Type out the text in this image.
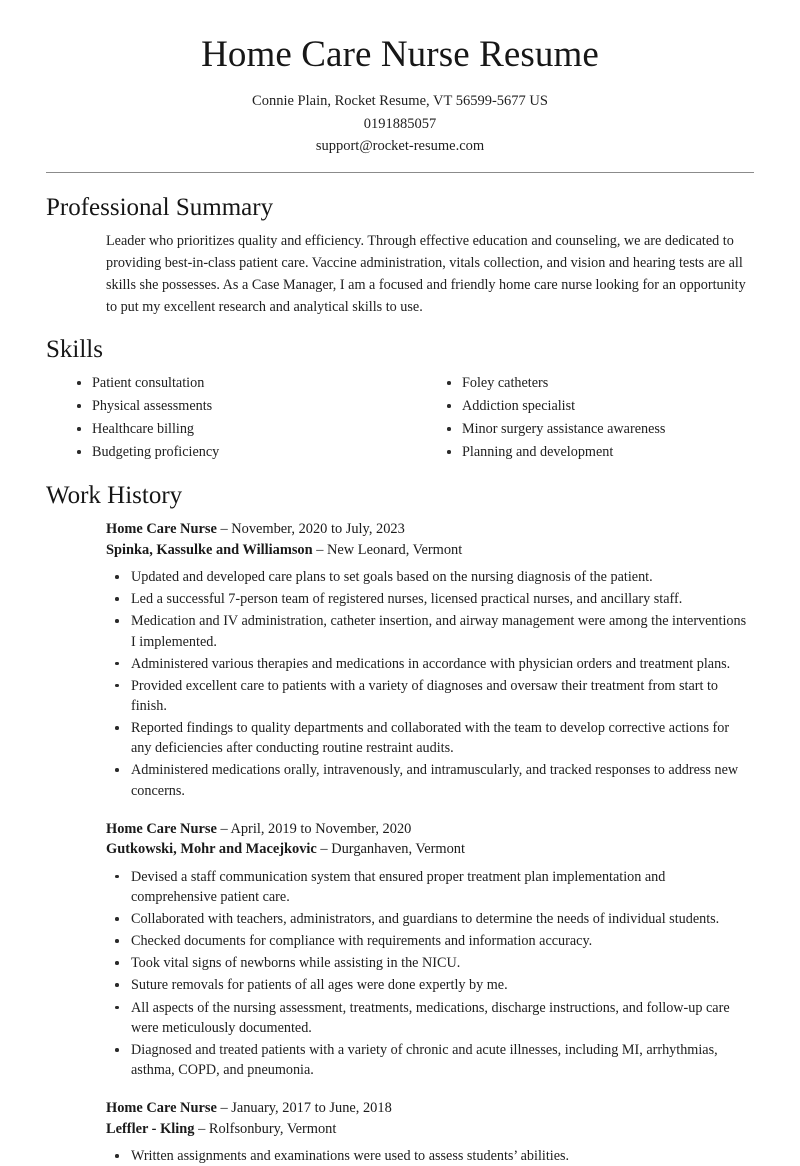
Home Care Nurse Resume
Connie Plain, Rocket Resume, VT 56599-5677 US
0191885057
support@rocket-resume.com
Professional Summary

Leader who prioritizes quality and efficiency. Through effective education and counseling, we are dedicated to providing best-in-class patient care. Vaccine administration, vitals collection, and vision and hearing tests are all skills she possesses. As a Case Manager, I am a focused and friendly home care nurse looking for an opportunity to put my excellent research and analytical skills to use.

Skills
Patient consultation
Physical assessments
Healthcare billing
Budgeting proficiency
Foley catheters
Addiction specialist
Minor surgery assistance awareness
Planning and development
Work History
Home Care Nurse – November, 2020 to July, 2023
Spinka, Kassulke and Williamson – New Leonard, Vermont
Updated and developed care plans to set goals based on the nursing diagnosis of the patient.
Led a successful 7-person team of registered nurses, licensed practical nurses, and ancillary staff.
Medication and IV administration, catheter insertion, and airway management were among the interventions I implemented.
Administered various therapies and medications in accordance with physician orders and treatment plans.
Provided excellent care to patients with a variety of diagnoses and oversaw their treatment from start to finish.
Reported findings to quality departments and collaborated with the team to develop corrective actions for any deficiencies after conducting routine restraint audits.
Administered medications orally, intravenously, and intramuscularly, and tracked responses to address new concerns.
Home Care Nurse – April, 2019 to November, 2020
Gutkowski, Mohr and Macejkovic – Durganhaven, Vermont
Devised a staff communication system that ensured proper treatment plan implementation and comprehensive patient care.
Collaborated with teachers, administrators, and guardians to determine the needs of individual students.
Checked documents for compliance with requirements and information accuracy.
Took vital signs of newborns while assisting in the NICU.
Suture removals for patients of all ages were done expertly by me.
All aspects of the nursing assessment, treatments, medications, discharge instructions, and follow-up care were meticulously documented.
Diagnosed and treated patients with a variety of chronic and acute illnesses, including MI, arrhythmias, asthma, COPD, and pneumonia.
Home Care Nurse – January, 2017 to June, 2018
Leffler - Kling – Rolfsonbury, Vermont
Written assignments and examinations were used to assess students’ abilities.
